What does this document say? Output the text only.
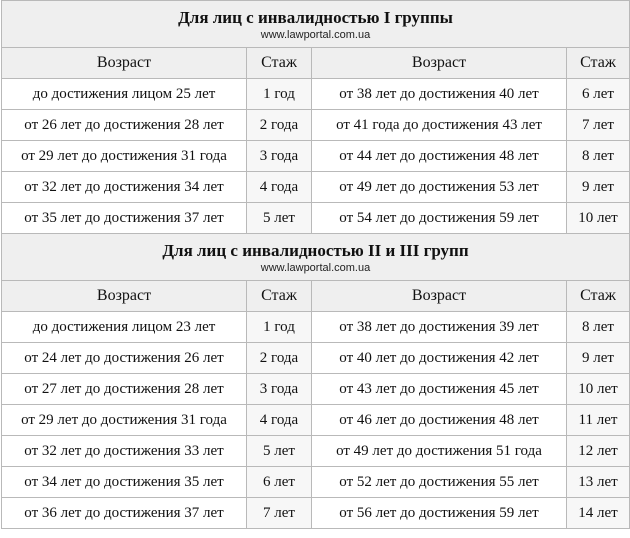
Для лиц с инвалидностью I группы
www.lawportal.com.ua			

Возраст	Стаж	Возраст	Стаж
до достижения лицом 25 лет	1 год	от 38 лет до достижения 40 лет	6 лет
от 26 лет до достижения 28 лет	2 года	от 41 года до достижения 43 лет	7 лет
от 29 лет до достижения 31 года	3 года	от 44 лет до достижения 48 лет	8 лет
от 32 лет до достижения 34 лет	4 года	от 49 лет до достижения 53 лет	9 лет
от 35 лет до достижения 37 лет	5 лет	от 54 лет до достижения 59 лет	10 лет

Для лиц с инвалидностью II и III групп
www.lawportal.com.ua			

Возраст	Стаж	Возраст	Стаж
до достижения лицом 23 лет	1 год	от 38 лет до достижения 39 лет	8 лет
от 24 лет до достижения 26 лет	2 года	от 40 лет до достижения 42 лет	9 лет
от 27 лет до достижения 28 лет	3 года	от 43 лет до достижения 45 лет	10 лет
от 29 лет до достижения 31 года	4 года	от 46 лет до достижения 48 лет	11 лет
от 32 лет до достижения 33 лет	5 лет	от 49 лет до достижения 51 года	12 лет
от 34 лет до достижения 35 лет	6 лет	от 52 лет до достижения 55 лет	13 лет
от 36 лет до достижения 37 лет	7 лет	от 56 лет до достижения 59 лет	14 лет
